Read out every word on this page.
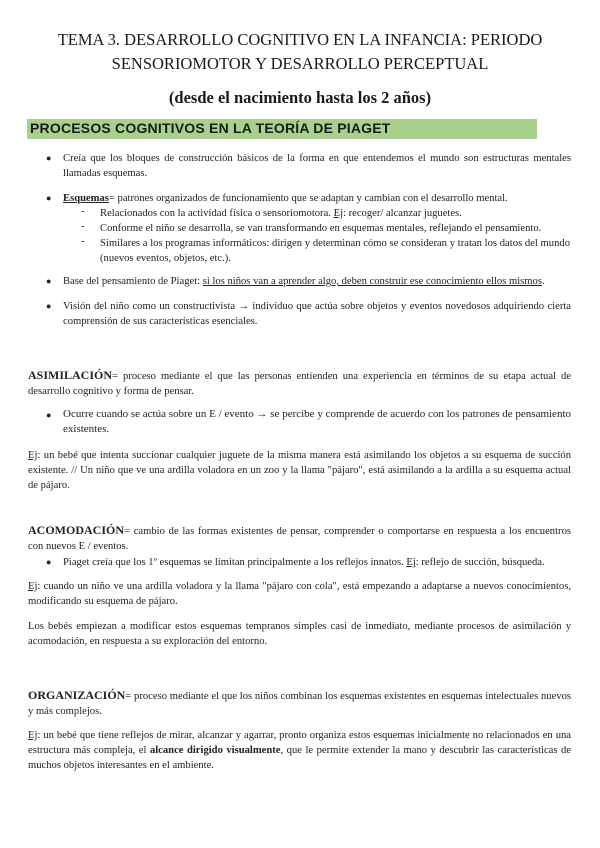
TEMA 3. DESARROLLO COGNITIVO EN LA INFANCIA: PERIODO
SENSORIOMOTOR Y DESARROLLO PERCEPTUAL
(desde el nacimiento hasta los 2 años)
PROCESOS COGNITIVOS EN LA TEORÍA DE PIAGET
● Creía que los bloques de construcción básicos de la forma en que entendemos el mundo son estructuras mentales llamadas esquemas.
● Esquemas= patrones organizados de funcionamiento que se adaptan y cambian con el desarrollo mental.
- Relacionados con la actividad física o sensoriomotora. Ej: recoger/ alcanzar juguetes.
- Conforme el niño se desarrolla, se van transformando en esquemas mentales, reflejando el pensamiento.
- Similares a los programas informáticos: dirigen y determinan cómo se consideran y tratan los datos del mundo (nuevos eventos, objetos, etc.).
● Base del pensamiento de Piaget: si los niños van a aprender algo, deben construir ese conocimiento ellos mismos.
● Visión del niño como un constructivista → individuo que actúa sobre objetos y eventos novedosos adquiriendo cierta comprensión de sus características esenciales.
ASIMILACIÓN= proceso mediante el que las personas entienden una experiencia en términos de su etapa actual de desarrollo cognitivo y forma de pensar.
● Ocurre cuando se actúa sobre un E / evento → se percibe y comprende de acuerdo con los patrones de pensamiento existentes.
Ej: un bebé que intenta succionar cualquier juguete de la misma manera está asimilando los objetos a su esquema de succión existente. // Un niño que ve una ardilla voladora en un zoo y la llama "pájaro", está asimilando a la ardilla a su esquema actual de pájaro.
ACOMODACIÓN= cambio de las formas existentes de pensar, comprender o comportarse en respuesta a los encuentros con nuevos E / eventos.
● Piaget creía que los 1º esquemas se limitan principalmente a los reflejos innatos. Ej: reflejo de succión, búsqueda.
Ej: cuando un niño ve una ardilla voladora y la llama "pájaro con cola", está empezando a adaptarse a nuevos conocimientos, modificando su esquema de pájaro.
Los bebés empiezan a modificar estos esquemas tempranos simples casi de inmediato, mediante procesos de asimilación y acomodación, en respuesta a su exploración del entorno.
ORGANIZACIÓN= proceso mediante el que los niños combinan los esquemas existentes en esquemas intelectuales nuevos y más complejos.
Ej: un bebé que tiene reflejos de mirar, alcanzar y agarrar, pronto organiza estos esquemas inicialmente no relacionados en una estructura más compleja, el alcance dirigido visualmente, que le permite extender la mano y descubrir las características de muchos objetos interesantes en el ambiente.
